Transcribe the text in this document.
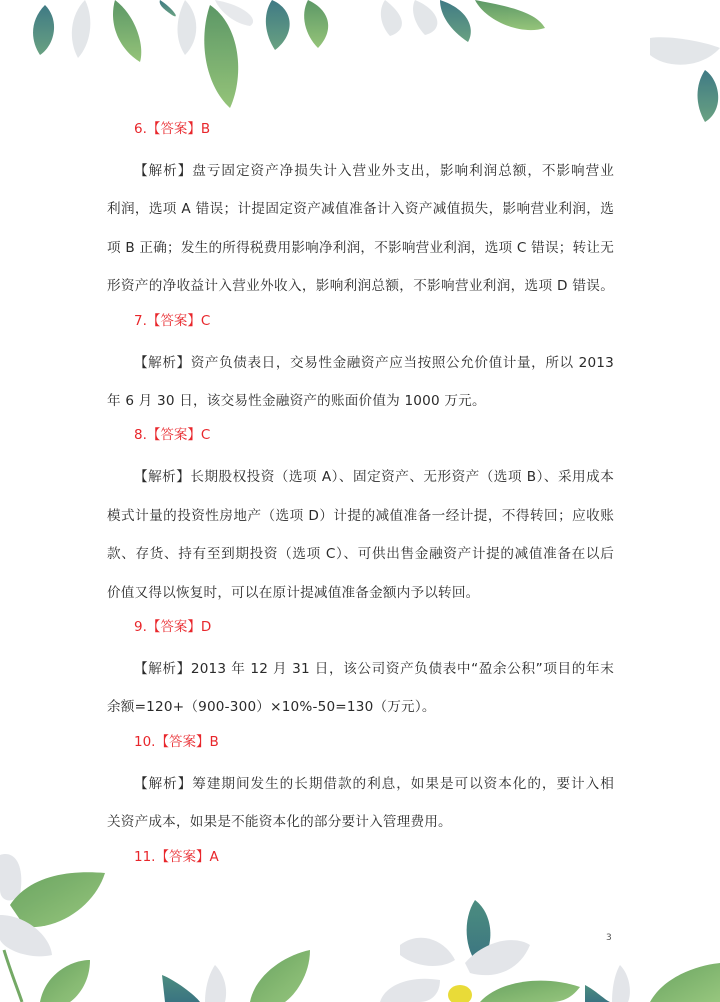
6.【答案】B

【解析】盘亏固定资产净损失计入营业外支出，影响利润总额，不影响营业
利润，选项 A 错误；计提固定资产减值准备计入资产减值损失，影响营业利润，选
项 B 正确；发生的所得税费用影响净利润，不影响营业利润，选项 C 错误；转让无
形资产的净收益计入营业外收入，影响利润总额，不影响营业利润，选项 D 错误。

7.【答案】C

【解析】资产负债表日，交易性金融资产应当按照公允价值计量，所以 2013
年 6 月 30 日，该交易性金融资产的账面价值为 1000 万元。

8.【答案】C

【解析】长期股权投资（选项 A）、固定资产、无形资产（选项 B）、采用成本
模式计量的投资性房地产（选项 D）计提的减值准备一经计提，不得转回；应收账
款、存货、持有至到期投资（选项 C）、可供出售金融资产计提的减值准备在以后
价值又得以恢复时，可以在原计提减值准备金额内予以转回。

9.【答案】D

【解析】2013 年 12 月 31 日，该公司资产负债表中“盈余公积”项目的年末
余额=120+（900-300）×10%-50=130（万元）。

10.【答案】B

【解析】筹建期间发生的长期借款的利息，如果是可以资本化的，要计入相
关资产成本，如果是不能资本化的部分要计入管理费用。

11.【答案】A
3
